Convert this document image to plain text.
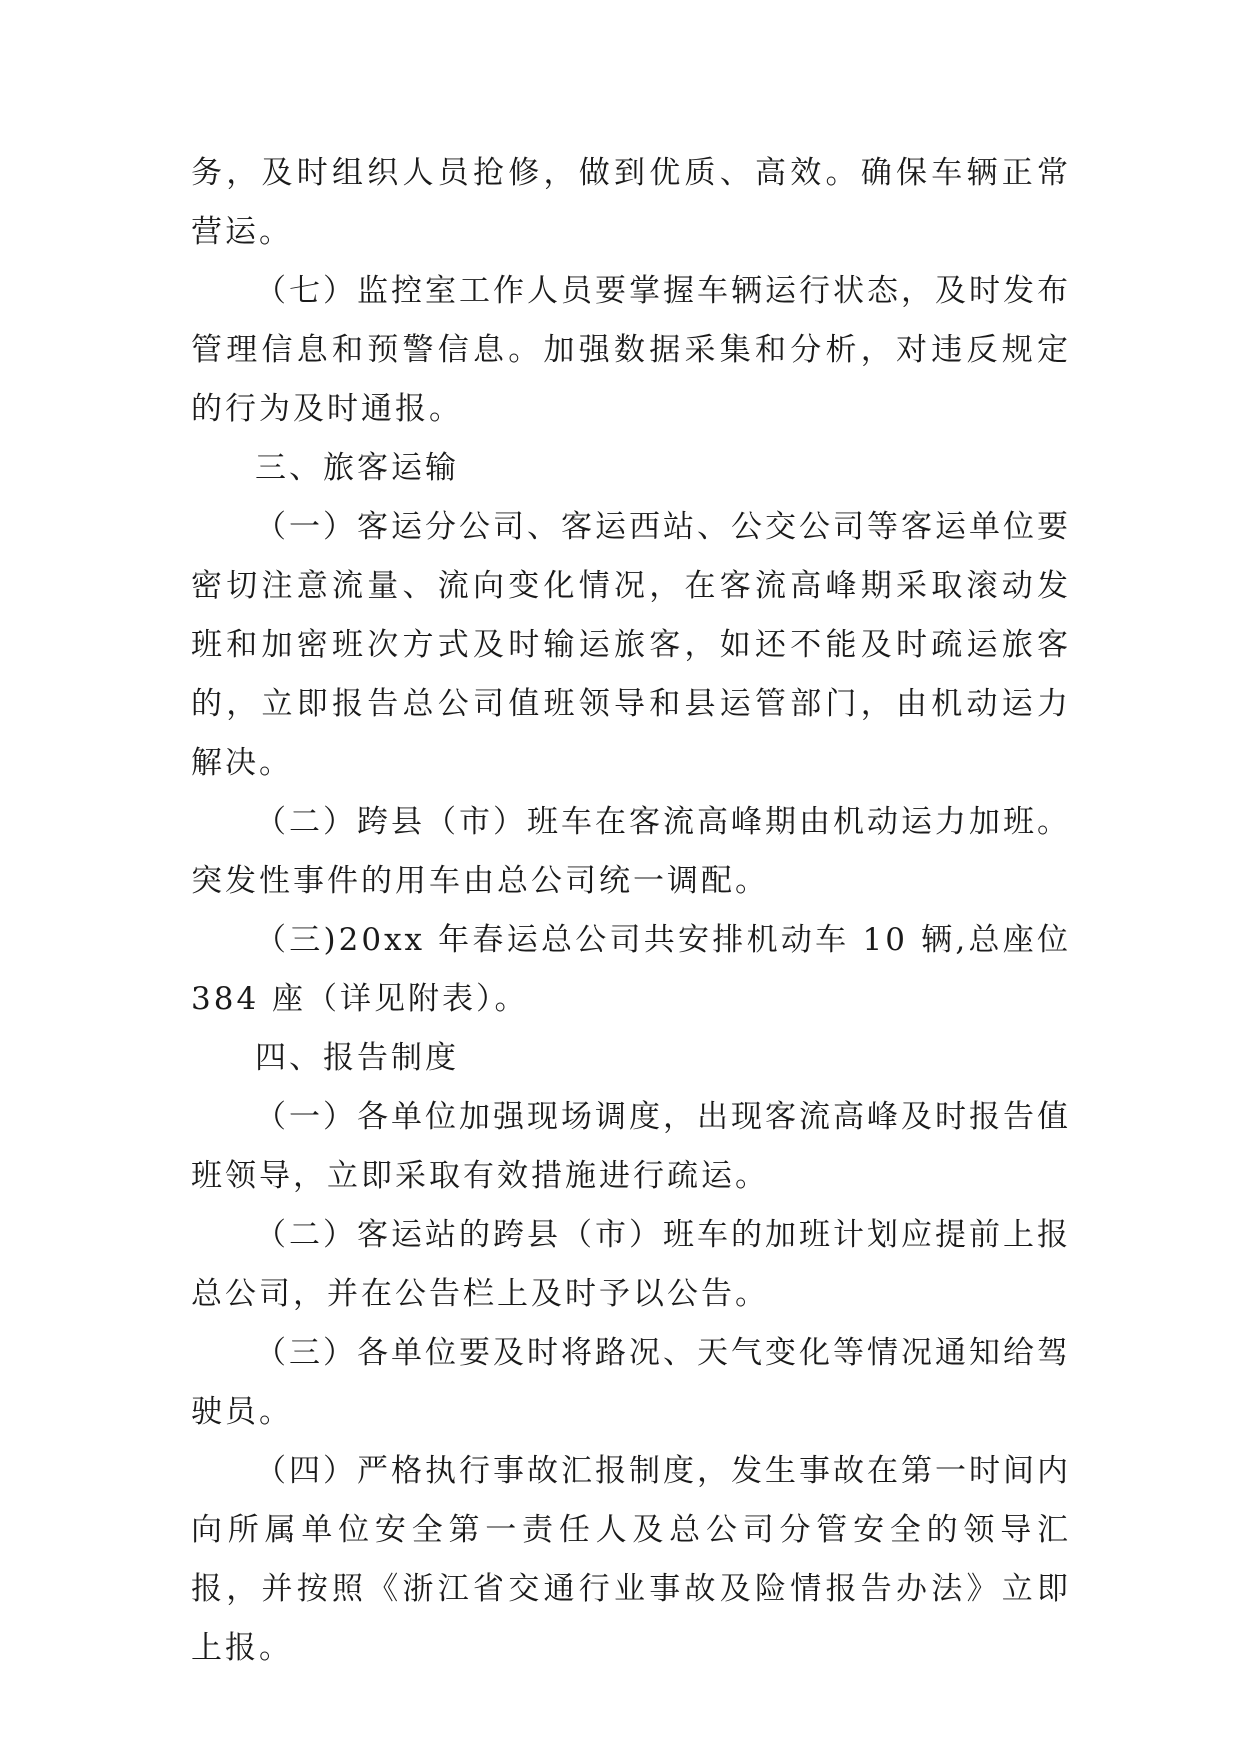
务，及时组织人员抢修，做到优质、高效。确保车辆正常营运。

（七）监控室工作人员要掌握车辆运行状态，及时发布管理信息和预警信息。加强数据采集和分析，对违反规定的行为及时通报。

三、旅客运输

（一）客运分公司、客运西站、公交公司等客运单位要密切注意流量、流向变化情况，在客流高峰期采取滚动发班和加密班次方式及时输运旅客，如还不能及时疏运旅客的，立即报告总公司值班领导和县运管部门，由机动运力解决。

（二）跨县（市）班车在客流高峰期由机动运力加班。突发性事件的用车由总公司统一调配。

（三)20xx 年春运总公司共安排机动车 10 辆,总座位 384 座（详见附表）。

四、报告制度

（一）各单位加强现场调度，出现客流高峰及时报告值班领导，立即采取有效措施进行疏运。

（二）客运站的跨县（市）班车的加班计划应提前上报总公司，并在公告栏上及时予以公告。

（三）各单位要及时将路况、天气变化等情况通知给驾驶员。

（四）严格执行事故汇报制度，发生事故在第一时间内向所属单位安全第一责任人及总公司分管安全的领导汇报，并按照《浙江省交通行业事故及险情报告办法》立即上报。
